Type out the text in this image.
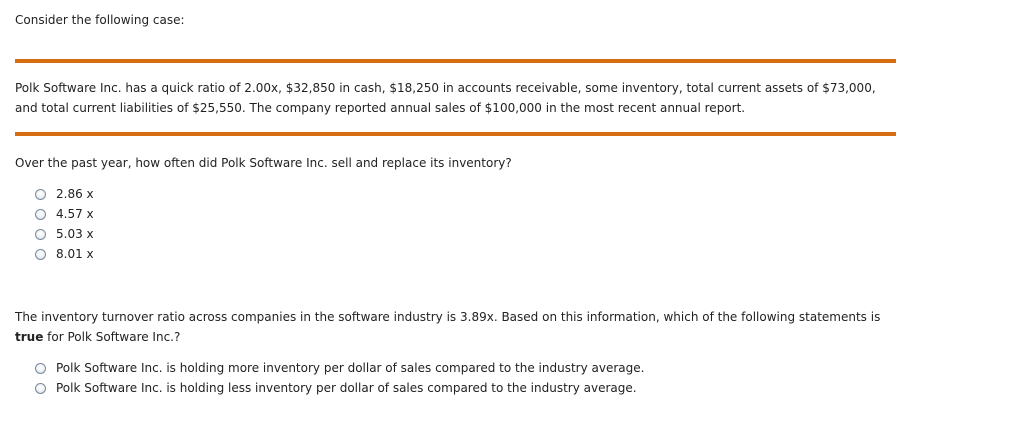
Consider the following case:
Polk Software Inc. has a quick ratio of 2.00x, $32,850 in cash, $18,250 in accounts receivable, some inventory, total current assets of $73,000, and total current liabilities of $25,550. The company reported annual sales of $100,000 in the most recent annual report.
Over the past year, how often did Polk Software Inc. sell and replace its inventory?
2.86 x
4.57 x
5.03 x
8.01 x
The inventory turnover ratio across companies in the software industry is 3.89x. Based on this information, which of the following statements is true for Polk Software Inc.?
Polk Software Inc. is holding more inventory per dollar of sales compared to the industry average.
Polk Software Inc. is holding less inventory per dollar of sales compared to the industry average.
